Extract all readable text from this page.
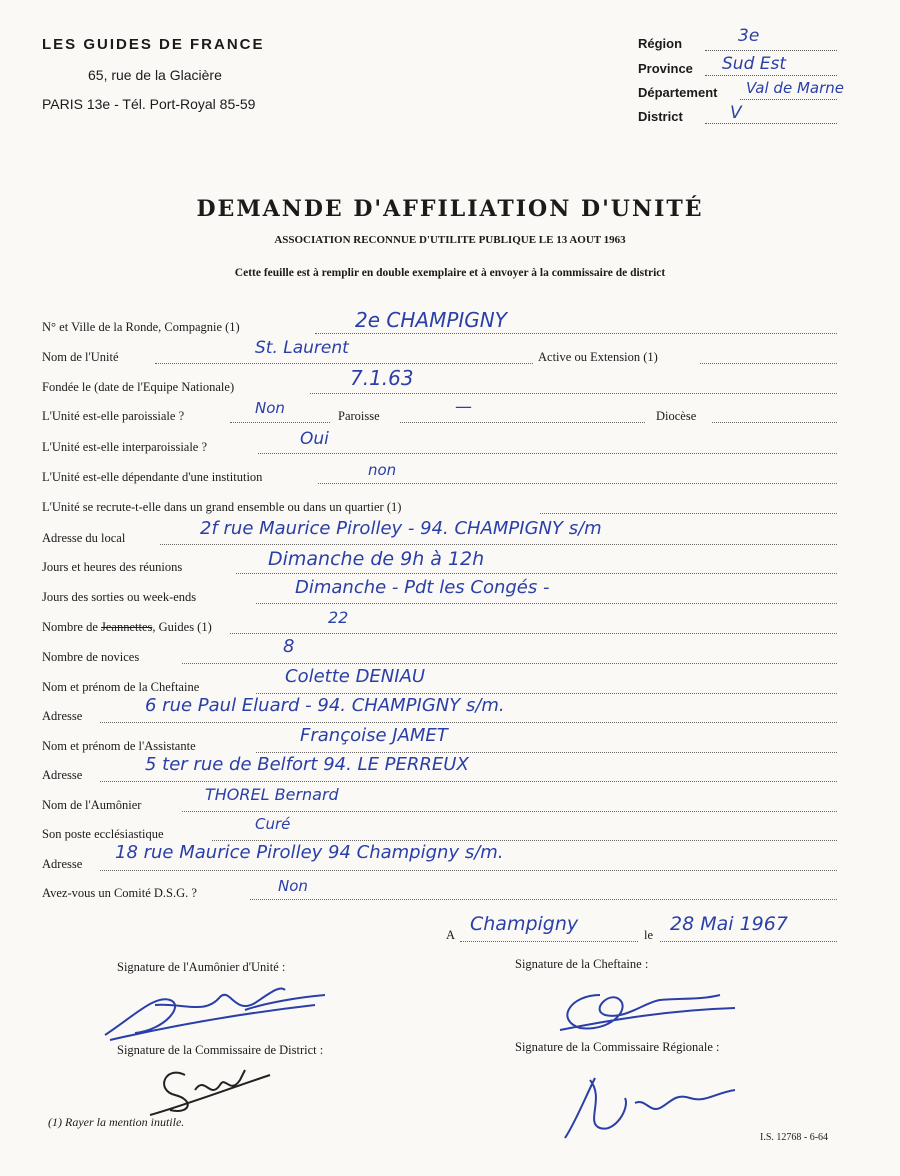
LES GUIDES DE FRANCE
65, rue de la Glacière
PARIS 13e - Tél. Port-Royal 85-59
Région	3e
Province Sud Est
Département Val de Marne
District	V
DEMANDE D'AFFILIATION D'UNITÉ
ASSOCIATION RECONNUE D'UTILITE PUBLIQUE LE 13 AOUT 1963
Cette feuille est à remplir en double exemplaire et à envoyer à la commissaire de district
N° et Ville de la Ronde, Compagnie (1)	2e CHAMPIGNY
Nom de l'Unité	St. Laurent	Active ou Extension (1)
Fondée le (date de l'Equipe Nationale)	7.1.63
L'Unité est-elle paroissiale ?	Non	Paroisse	—	Diocèse
L'Unité est-elle interparoissiale ?	Oui
L'Unité est-elle dépendante d'une institution	non
L'Unité se recrute-t-elle dans un grand ensemble ou dans un quartier (1)
Adresse du local	2f rue Maurice Pirolley - 94. CHAMPIGNY s/m
Jours et heures des réunions	Dimanche de 9h à 12h
Jours des sorties ou week-ends	Dimanche - Pdt les Congés -
Nombre de Jeannettes, Guides (1)	22
Nombre de novices	8
Nom et prénom de la Cheftaine	Colette DENIAU
Adresse	6 rue Paul Eluard - 94. CHAMPIGNY s/m.
Nom et prénom de l'Assistante	Françoise JAMET
Adresse	5 ter rue de Belfort 94. LE PERREUX
Nom de l'Aumônier
THOREL Bernard
Son poste ecclésiastique
Curé
Adresse
18 rue Maurice Pirolley 94 Champigny s/m.
Avez-vous un Comité D.S.G. ?	Non
A Champigny	le 28 Mai 1967
Signature de l'Aumônier d'Unité :	Signature de la Cheftaine :
Signature de la Commissaire de District :	Signature de la Commissaire Régionale :
(1) Rayer la mention inutile.
I.S. 12768 - 6-64
